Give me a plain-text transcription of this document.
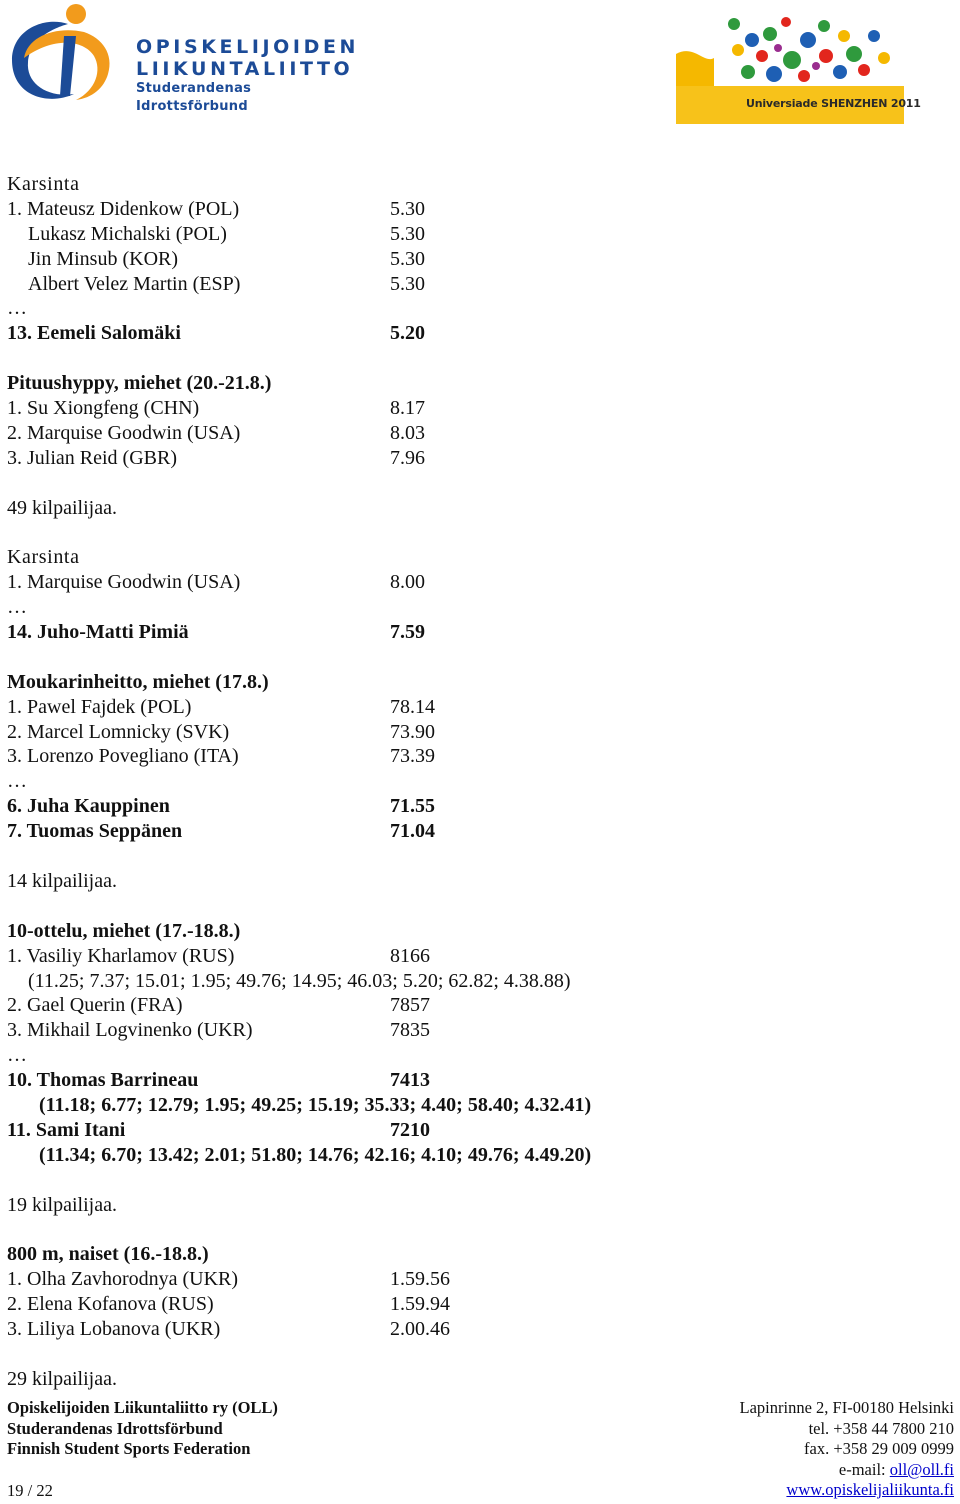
OPISKELIJOIDEN
LIIKUNTALIITTO
Studerandenas Idrottsförbund	Universiade SHENZHEN 2011
Karsinta
1. Mateusz Didenkow (POL)	5.30
Lukasz Michalski (POL)	5.30
Jin Minsub (KOR)	5.30
Albert Velez Martin (ESP)	5.30
…
13. Eemeli Salomäki	5.20
Pituushyppy, miehet (20.-21.8.)
1. Su Xiongfeng (CHN)	8.17
2. Marquise Goodwin (USA)	8.03
3. Julian Reid (GBR)	7.96
49 kilpailijaa.
Karsinta
1. Marquise Goodwin (USA)	8.00
…
14. Juho-Matti Pimiä	7.59
Moukarinheitto, miehet (17.8.)
1. Pawel Fajdek (POL)	78.14
2. Marcel Lomnicky (SVK)	73.90
3. Lorenzo Povegliano (ITA)	73.39
…
6. Juha Kauppinen	71.55
7. Tuomas Seppänen	71.04
14 kilpailijaa.
10-ottelu, miehet (17.-18.8.)
1. Vasiliy Kharlamov (RUS)	8166
(11.25; 7.37; 15.01; 1.95; 49.76; 14.95; 46.03; 5.20; 62.82; 4.38.88)
2. Gael Querin (FRA)	7857
3. Mikhail Logvinenko (UKR)	7835
…
10. Thomas Barrineau	7413
(11.18; 6.77; 12.79; 1.95; 49.25; 15.19; 35.33; 4.40; 58.40; 4.32.41)
11. Sami Itani	7210
(11.34; 6.70; 13.42; 2.01; 51.80; 14.76; 42.16; 4.10; 49.76; 4.49.20)
19 kilpailijaa.
800 m, naiset (16.-18.8.)
1. Olha Zavhorodnya (UKR)	1.59.56
2. Elena Kofanova (RUS)	1.59.94
3. Liliya Lobanova (UKR)	2.00.46
29 kilpailijaa.
Opiskelijoiden Liikuntaliitto ry (OLL)
Studerandenas Idrottsförbund
Finnish Student Sports Federation
Lapinrinne 2, FI-00180 Helsinki
tel. +358 44 7800 210
fax. +358 29 009 0999
e-mail: oll@oll.fi
www.opiskelijaliikunta.fi
19 / 22
